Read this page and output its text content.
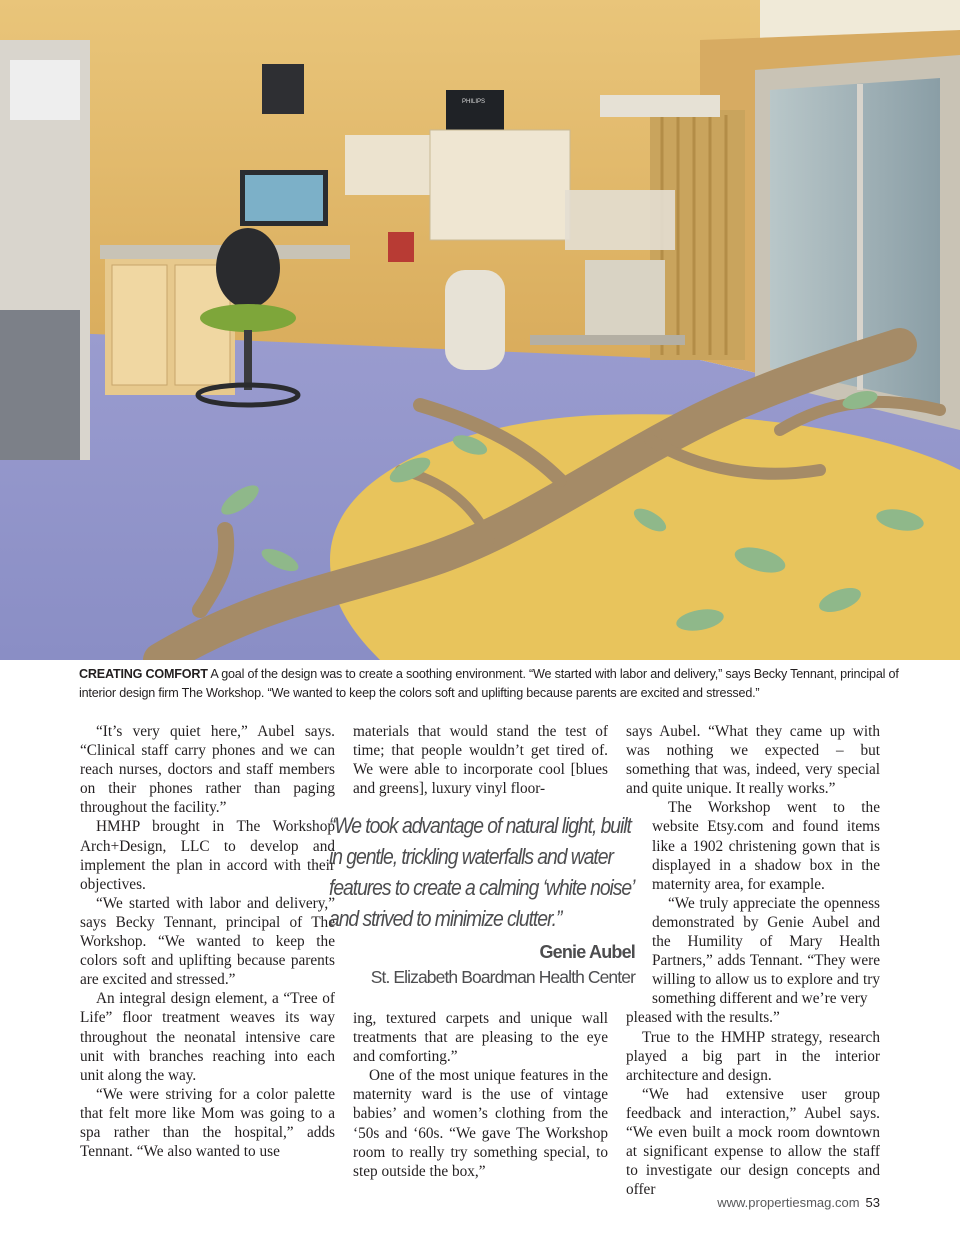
PHILIPS
CREATING COMFORT A goal of the design was to create a soothing environment. “We started with labor and delivery,” says Becky Tennant, principal of interior design firm The Workshop. “We wanted to keep the colors soft and uplifting because parents are excited and stressed.”

“It’s very quiet here,” Aubel says. “Clinical staff carry phones and we can reach nurses, doctors and staff members on their phones rather than paging throughout the facility.”

HMHP brought in The Workshop Arch+Design, LLC to develop and implement the plan in accord with their objectives.

“We started with labor and delivery,” says Becky Tennant, principal of The Workshop. “We wanted to keep the colors soft and uplifting because parents are excited and stressed.”

An integral design element, a “Tree of Life” floor treatment weaves its way throughout the neonatal intensive care unit with branches reaching into each unit along the way.

“We were striving for a color palette that felt more like Mom was going to a spa rather than the hospital,” adds Tennant. “We also wanted to use

materials that would stand the test of time; that people wouldn’t get tired of. We were able to incorporate cool [blues and greens], luxury vinyl floor-

“We took advantage of natural light, built in gentle, trickling waterfalls and water features to create a calming ‘white noise’ and strived to minimize clutter.”

Genie Aubel
St. Elizabeth Boardman Health Center

ing, textured carpets and unique wall treatments that are pleasing to the eye and comforting.”

One of the most unique features in the maternity ward is the use of vintage babies’ and women’s clothing from the ‘50s and ‘60s. “We gave The Workshop room to really try something special, to step outside the box,”

says Aubel. “What they came up with was nothing we expected – but something that was, indeed, very special and quite unique. It really works.”

The Workshop went to the website Etsy.com and found items like a 1902 christening gown that is displayed in a shadow box in the maternity area, for example.

“We truly appreciate the openness demonstrated by Genie Aubel and the Humility of Mary Health Partners,” adds Tennant. “They were willing to allow us to explore and try something different and we’re very

pleased with the results.”

True to the HMHP strategy, research played a big part in the interior architecture and design.

“We had extensive user group feedback and interaction,” Aubel says. “We even built a mock room downtown at significant expense to allow the staff to investigate our design concepts and offer

www.propertiesmag.com 53
